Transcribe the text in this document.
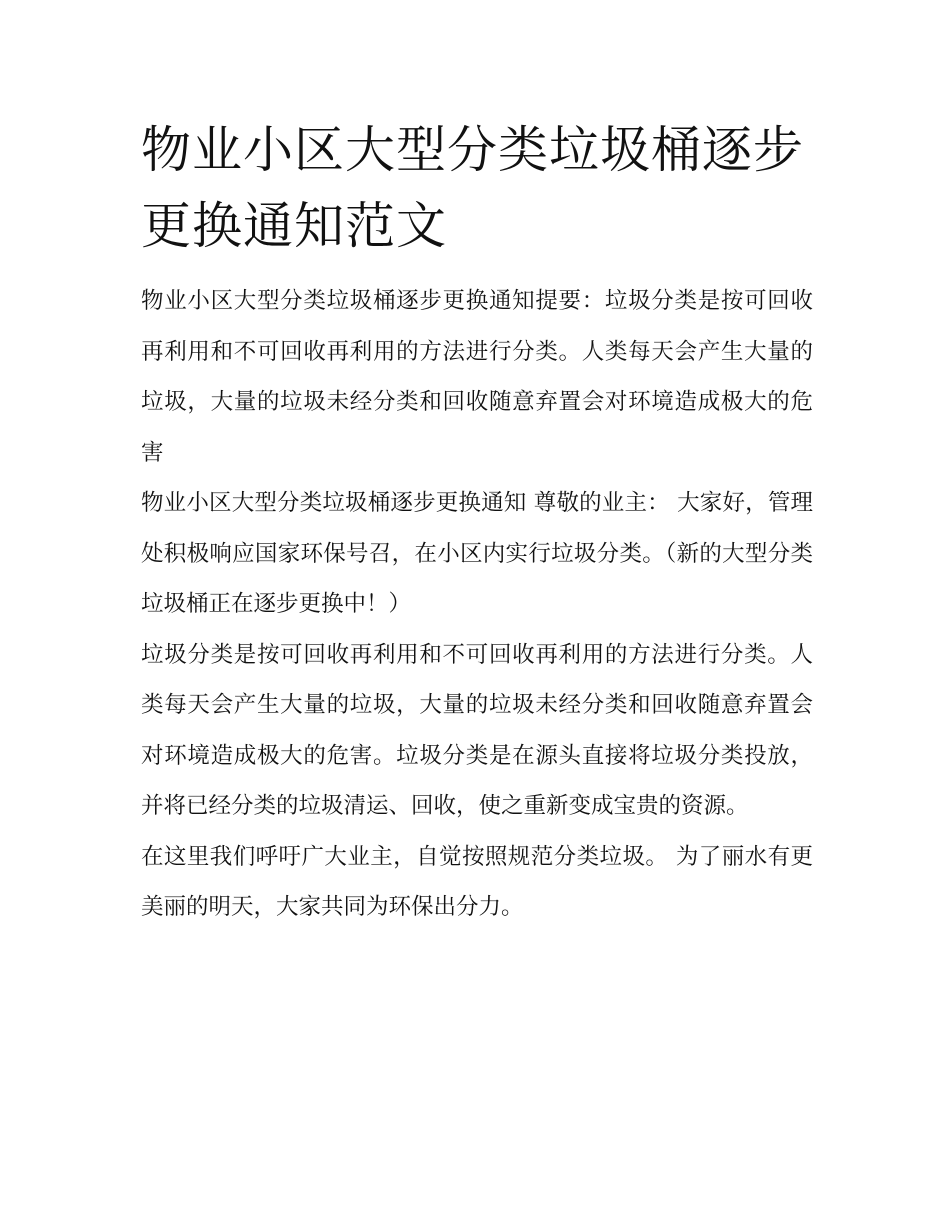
物业小区大型分类垃圾桶逐步更换通知范文

物业小区大型分类垃圾桶逐步更换通知提要：垃圾分类是按可回收再利用和不可回收再利用的方法进行分类。人类每天会产生大量的垃圾，大量的垃圾未经分类和回收随意弃置会对环境造成极大的危害

物业小区大型分类垃圾桶逐步更换通知 尊敬的业主： 大家好，管理处积极响应国家环保号召，在小区内实行垃圾分类。（新的大型分类垃圾桶正在逐步更换中！）

垃圾分类是按可回收再利用和不可回收再利用的方法进行分类。人类每天会产生大量的垃圾，大量的垃圾未经分类和回收随意弃置会对环境造成极大的危害。垃圾分类是在源头直接将垃圾分类投放，并将已经分类的垃圾清运、回收，使之重新变成宝贵的资源。

在这里我们呼吁广大业主，自觉按照规范分类垃圾。 为了丽水有更美丽的明天，大家共同为环保出分力。
